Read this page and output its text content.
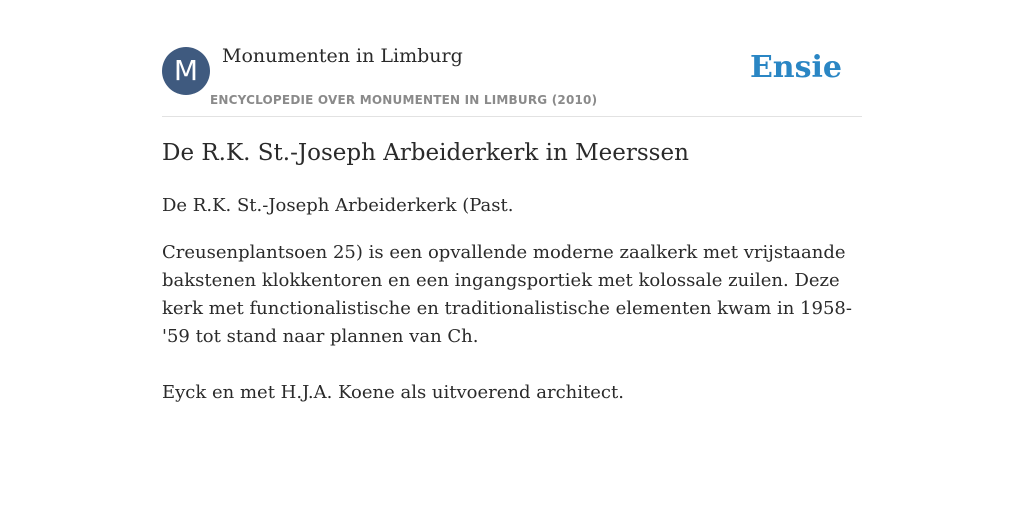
M	Monumenten in Limburg
ENCYCLOPEDIE OVER MONUMENTEN IN LIMBURG (2010)
Ensie
De R.K. St.-Joseph Arbeiderkerk in Meerssen

De R.K. St.-Joseph Arbeiderkerk (Past.

Creusenplantsoen 25) is een opvallende moderne zaalkerk met vrijstaande bakstenen klokkentoren en een ingangsportiek met kolossale zuilen. Deze kerk met functionalistische en traditionalistische elementen kwam in 1958-'59 tot stand naar plannen van Ch.

Eyck en met H.J.A. Koene als uitvoerend architect.
